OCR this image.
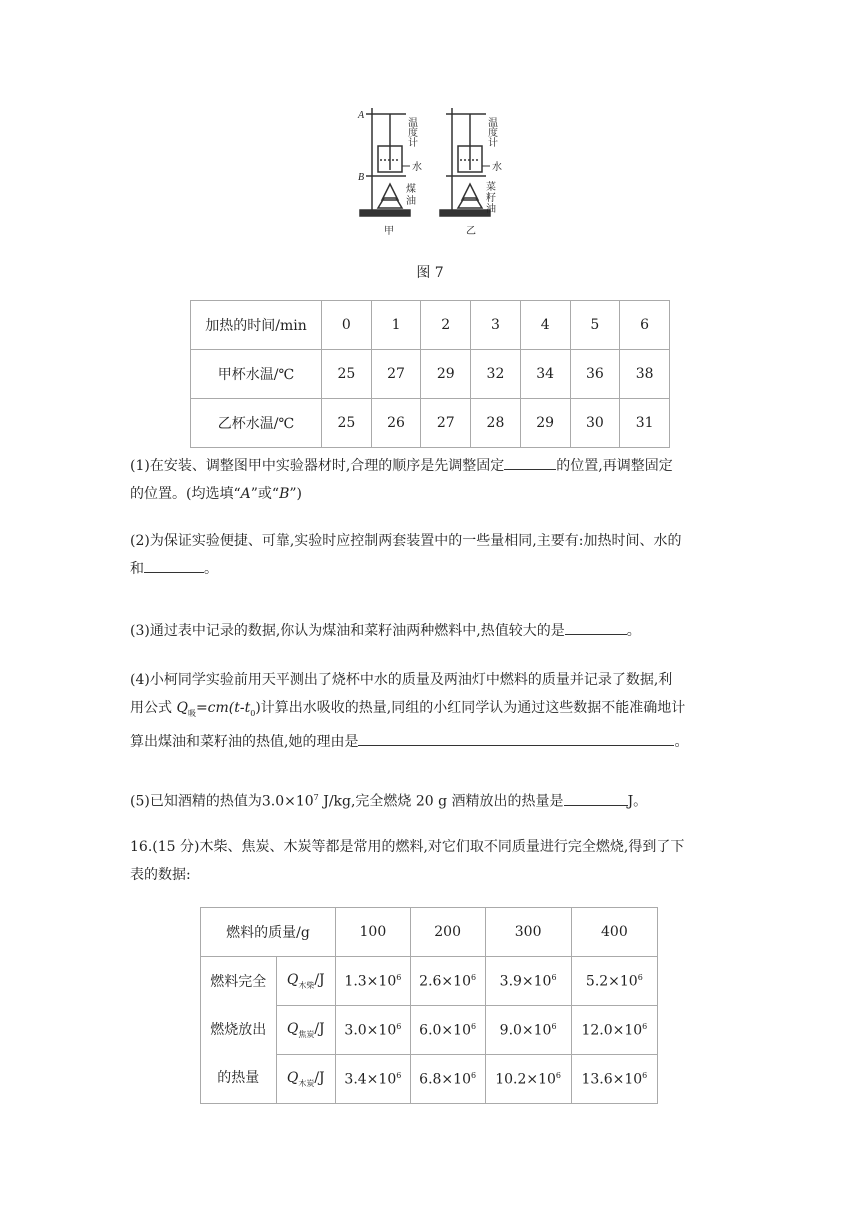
A
B
温
度
计
水
煤
油
温
度
计
水
菜
籽
油
甲	乙
图 7
加热的时间/min	0	1	2	3	4	5	6
甲杯水温/℃	25	27	29	32	34	36	38
乙杯水温/℃	25	26	27	28	29	30	31
(1)在安装、调整图甲中实验器材时,合理的顺序是先调整固定	的位置,再调整固定
的位置。(均选填“A”或“B”)
(2)为保证实验便捷、可靠,实验时应控制两套装置中的一些量相同,主要有:加热时间、水的
和	。
(3)通过表中记录的数据,你认为煤油和菜籽油两种燃料中,热值较大的是	。
(4)小柯同学实验前用天平测出了烧杯中水的质量及两油灯中燃料的质量并记录了数据,利
用公式 $Q_吸=cm(t-t_0)$计算出水吸收的热量,同组的小红同学认为通过这些数据不能准确地计
算出煤油和菜籽油的热值,她的理由是	。
(5)已知酒精的热值为$3.0\times 10^7$ J/kg,完全燃烧 20 g 酒精放出的热量是	J。
16.(15 分)木柴、焦炭、木炭等都是常用的燃料,对它们取不同质量进行完全燃烧,得到了下
表的数据:
燃料的质量/g		100	200	300	400

燃料完全
燃烧放出
的热量	$Q_{木柴}/J$	$1.3\times 10^6$	$2.6\times 10^6$	$3.9\times 10^6$	$5.2\times 10^6$
	$Q_{焦炭}/J$	$3.0\times 10^6$	$6.0\times 10^6$	$9.0\times 10^6$	$12.0\times 10^6$
	$Q_{木炭}/J$	$3.4\times 10^6$	$6.8\times 10^6$	$10.2\times 10^6$	$13.6\times 10^6$
